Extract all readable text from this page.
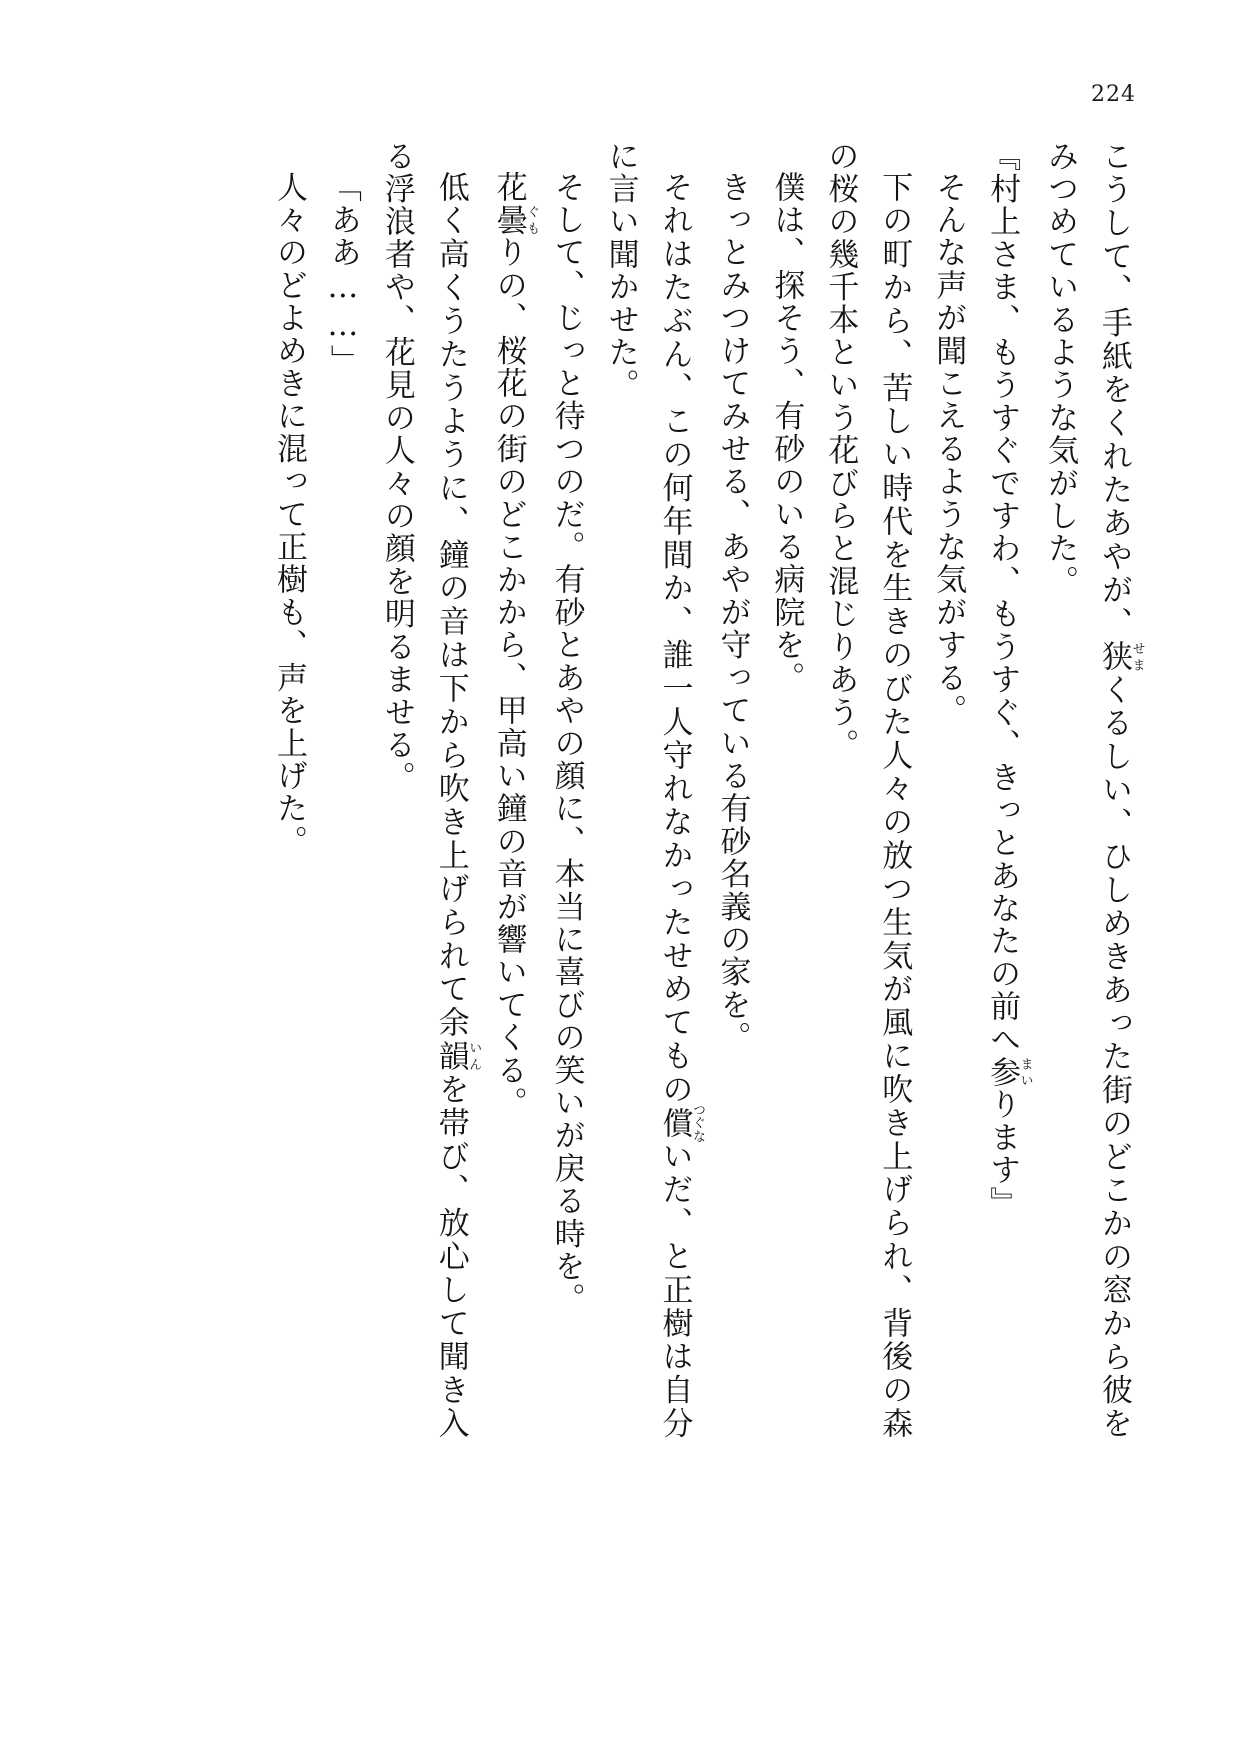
224

こうして、手紙をくれたあやが、狭せまくるしい、ひしめきあった街のどこかの窓から彼をみつめているような気がした。

『村上さま、もうすぐですわ、もうすぐ、きっとあなたの前へ参まいります』

そんな声が聞こえるような気がする。

下の町から、苦しい時代を生きのびた人々の放つ生気が風に吹き上げられ、背後の森の桜の幾千本という花びらと混じりあう。

僕は、探そう、有砂のいる病院を。

きっとみつけてみせる、あやが守っている有砂名義の家を。

それはたぶん、この何年間か、誰一人守れなかったせめてもの償つぐないだ、と正樹は自分に言い聞かせた。

そして、じっと待つのだ。有砂とあやの顔に、本当に喜びの笑いが戻る時を。

花曇ぐもりの、桜花の街のどこかから、甲高い鐘の音が響いてくる。

低く高くうたうように、鐘の音は下から吹き上げられて余韻いんを帯び、放心して聞き入る浮浪者や、花見の人々の顔を明るませる。

「ああ……」

人々のどよめきに混って正樹も、声を上げた。
